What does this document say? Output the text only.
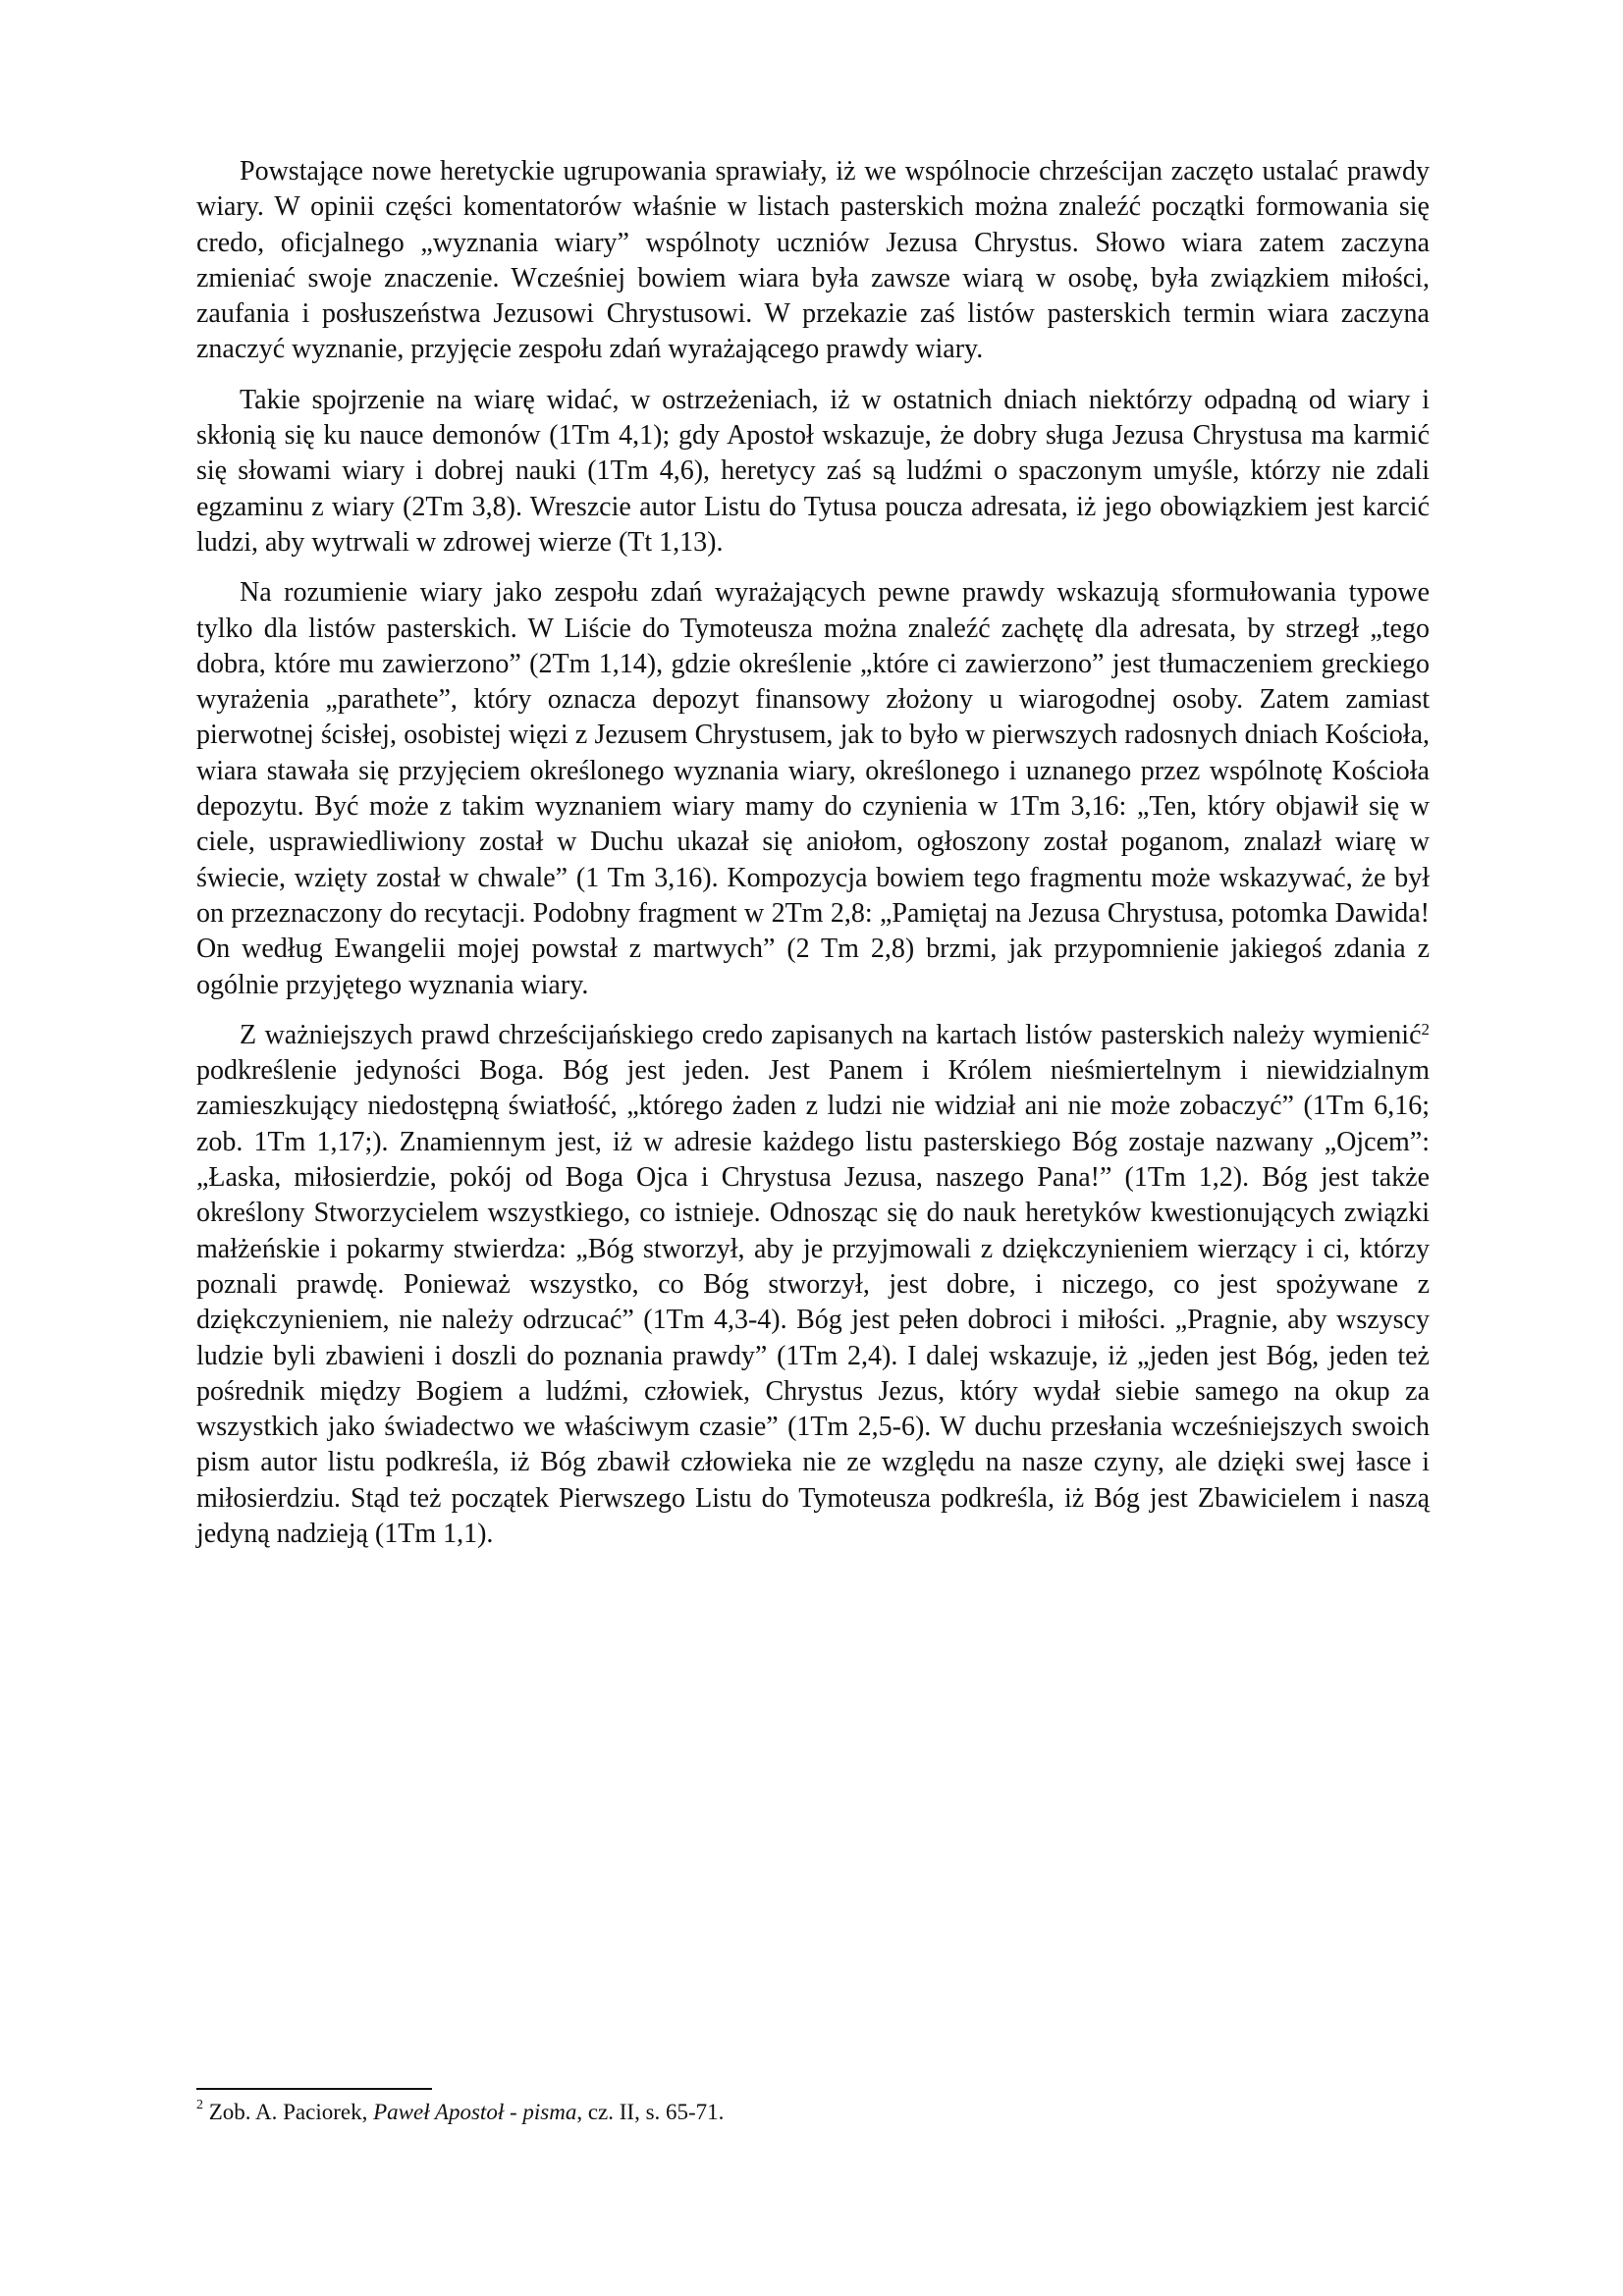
Powstające nowe heretyckie ugrupowania sprawiały, iż we wspólnocie chrześcijan zaczęto ustalać prawdy wiary. W opinii części komentatorów właśnie w listach pasterskich można znaleźć początki formowania się credo, oficjalnego „wyznania wiary” wspólnoty uczniów Jezusa Chrystus. Słowo wiara zatem zaczyna zmieniać swoje znaczenie. Wcześniej bowiem wiara była zawsze wiarą w osobę, była związkiem miłości, zaufania i posłuszeństwa Jezusowi Chrystusowi. W przekazie zaś listów pasterskich termin wiara zaczyna znaczyć wyznanie, przyjęcie zespołu zdań wyrażającego prawdy wiary.

Takie spojrzenie na wiarę widać, w ostrzeżeniach, iż w ostatnich dniach niektórzy odpadną od wiary i skłonią się ku nauce demonów (1Tm 4,1); gdy Apostoł wskazuje, że dobry sługa Jezusa Chrystusa ma karmić się słowami wiary i dobrej nauki (1Tm 4,6), heretycy zaś są ludźmi o spaczonym umyśle, którzy nie zdali egzaminu z wiary (2Tm 3,8). Wreszcie autor Listu do Tytusa poucza adresata, iż jego obowiązkiem jest karcić ludzi, aby wytrwali w zdrowej wierze (Tt 1,13).

Na rozumienie wiary jako zespołu zdań wyrażających pewne prawdy wskazują sformułowania typowe tylko dla listów pasterskich. W Liście do Tymoteusza można znaleźć zachętę dla adresata, by strzegł „tego dobra, które mu zawierzono” (2Tm 1,14), gdzie określenie „które ci zawierzono” jest tłumaczeniem greckiego wyrażenia „parathete”, który oznacza depozyt finansowy złożony u wiarogodnej osoby. Zatem zamiast pierwotnej ścisłej, osobistej więzi z Jezusem Chrystusem, jak to było w pierwszych radosnych dniach Kościoła, wiara stawała się przyjęciem określonego wyznania wiary, określonego i uznanego przez wspólnotę Kościoła depozytu. Być może z takim wyznaniem wiary mamy do czynienia w 1Tm 3,16: „Ten, który objawił się w ciele, usprawiedliwiony został w Duchu ukazał się aniołom, ogłoszony został poganom, znalazł wiarę w świecie, wzięty został w chwale” (1 Tm 3,16). Kompozycja bowiem tego fragmentu może wskazywać, że był on przeznaczony do recytacji. Podobny fragment w 2Tm 2,8: „Pamiętaj na Jezusa Chrystusa, potomka Dawida! On według Ewangelii mojej powstał z martwych” (2 Tm 2,8) brzmi, jak przypomnienie jakiegoś zdania z ogólnie przyjętego wyznania wiary.

Z ważniejszych prawd chrześcijańskiego credo zapisanych na kartach listów pasterskich należy wymienić$^2$ podkreślenie jedyności Boga. Bóg jest jeden. Jest Panem i Królem nieśmiertelnym i niewidzialnym zamieszkujący niedostępną światłość, „którego żaden z ludzi nie widział ani nie może zobaczyć” (1Tm 6,16; zob. 1Tm 1,17;). Znamiennym jest, iż w adresie każdego listu pasterskiego Bóg zostaje nazwany „Ojcem”: „Łaska, miłosierdzie, pokój od Boga Ojca i Chrystusa Jezusa, naszego Pana!” (1Tm 1,2). Bóg jest także określony Stworzycielem wszystkiego, co istnieje. Odnosząc się do nauk heretyków kwestionujących związki małżeńskie i pokarmy stwierdza: „Bóg stworzył, aby je przyjmowali z dziękczynieniem wierzący i ci, którzy poznali prawdę. Ponieważ wszystko, co Bóg stworzył, jest dobre, i niczego, co jest spożywane z dziękczynieniem, nie należy odrzucać” (1Tm 4,3-4). Bóg jest pełen dobroci i miłości. „Pragnie, aby wszyscy ludzie byli zbawieni i doszli do poznania prawdy” (1Tm 2,4). I dalej wskazuje, iż „jeden jest Bóg, jeden też pośrednik między Bogiem a ludźmi, człowiek, Chrystus Jezus, który wydał siebie samego na okup za wszystkich jako świadectwo we właściwym czasie” (1Tm 2,5-6). W duchu przesłania wcześniejszych swoich pism autor listu podkreśla, iż Bóg zbawił człowieka nie ze względu na nasze czyny, ale dzięki swej łasce i miłosierdziu. Stąd też początek Pierwszego Listu do Tymoteusza podkreśla, iż Bóg jest Zbawicielem i naszą jedyną nadzieją (1Tm 1,1).

$^2$ Zob. A. Paciorek, Paweł Apostoł - pisma, cz. II, s. 65-71.
